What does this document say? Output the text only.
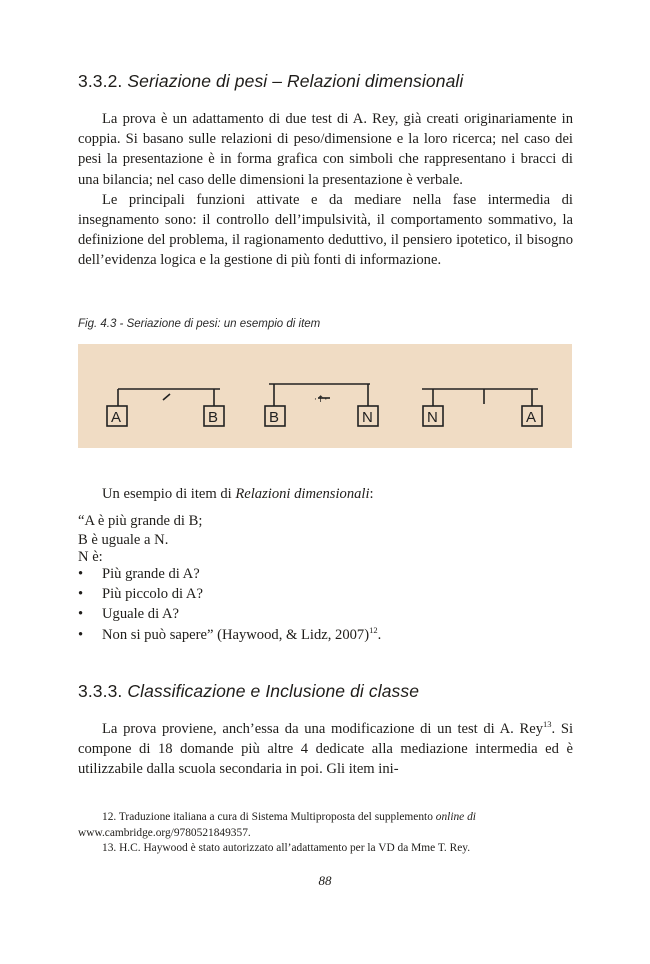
3.3.2. Seriazione di pesi – Relazioni dimensionali

La prova è un adattamento di due test di A. Rey, già creati originariamente in coppia. Si basano sulle relazioni di peso/dimensione e la loro ricerca; nel caso dei pesi la presentazione è in forma grafica con simboli che rappresentano i bracci di una bilancia; nel caso delle dimensioni la presentazione è verbale.

Le principali funzioni attivate e da mediare nella fase intermedia di insegnamento sono: il controllo dell’impulsività, il comportamento sommativo, la definizione del problema, il ragionamento deduttivo, il pensiero ipotetico, il bisogno dell’evidenza logica e la gestione di più fonti di informazione.

Fig. 4.3 - Seriazione di pesi: un esempio di item
·↑·
A	B	B	N	N	A
Un esempio di item di Relazioni dimensionali:
“A è più grande di B;
B è uguale a N.
N è:
• Più grande di A?
• Più piccolo di A?
• Uguale di A?
• Non si può sapere” (Haywood, & Lidz, 2007)$^{12}$.
3.3.3. Classificazione e Inclusione di classe

La prova proviene, anch’essa da una modificazione di un test di A. Rey$^{13}$. Si compone di 18 domande più altre 4 dedicate alla mediazione intermedia ed è utilizzabile dalla scuola secondaria in poi. Gli item ini-

12. Traduzione italiana a cura di Sistema Multiproposta del supplemento online di
www.cambridge.org/9780521849357.
13. H.C. Haywood è stato autorizzato all’adattamento per la VD da Mme T. Rey.
88
